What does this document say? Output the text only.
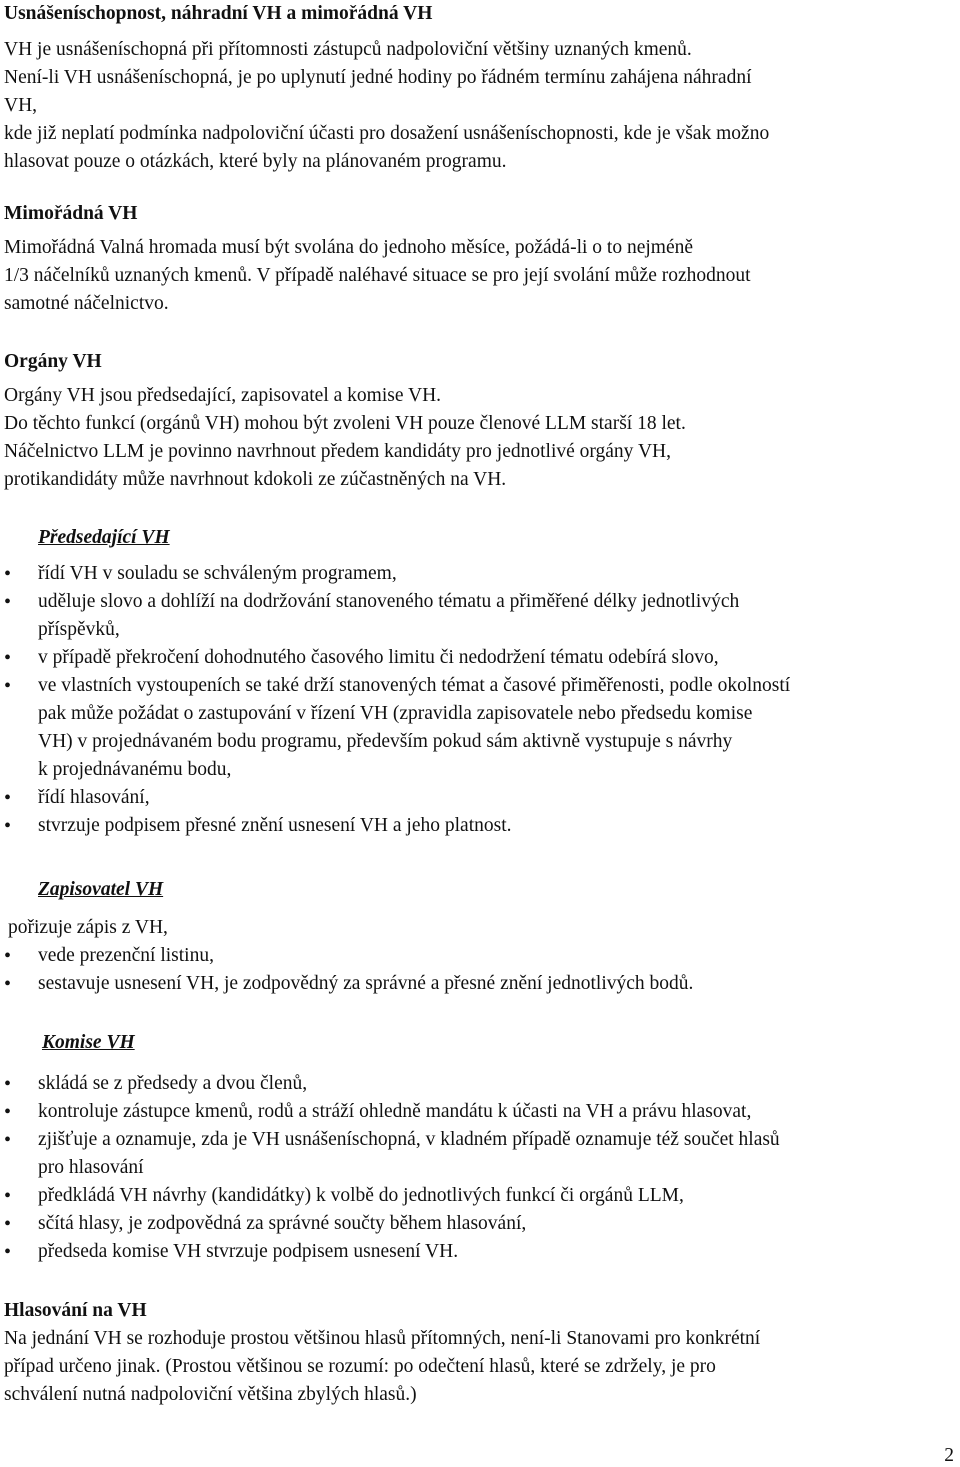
Usnášeníschopnost, náhradní VH a mimořádná VH

VH je usnášeníschopná při přítomnosti zástupců nadpoloviční většiny uznaných kmenů.
Není-li VH usnášeníschopná, je po uplynutí jedné hodiny po řádném termínu zahájena náhradní
VH,
kde již neplatí podmínka nadpoloviční účasti pro dosažení usnášeníschopnosti, kde je však možno
hlasovat pouze o otázkách, které byly na plánovaném programu.

Mimořádná VH

Mimořádná Valná hromada musí být svolána do jednoho měsíce, požádá-li o to nejméně
1/3 náčelníků uznaných kmenů. V případě naléhavé situace se pro její svolání může rozhodnout
samotné náčelnictvo.

Orgány VH

Orgány VH jsou předsedající, zapisovatel a komise VH.
Do těchto funkcí (orgánů VH) mohou být zvoleni VH pouze členové LLM starší 18 let.
Náčelnictvo LLM je povinno navrhnout předem kandidáty pro jednotlivé orgány VH,
protikandidáty může navrhnout kdokoli ze zúčastněných na VH.

Předsedající VH
• řídí VH v souladu se schváleným programem,
• uděluje slovo a dohlíží na dodržování stanoveného tématu a přiměřené délky jednotlivých
příspěvků,
• v případě překročení dohodnutého časového limitu či nedodržení tématu odebírá slovo,
• ve vlastních vystoupeních se také drží stanovených témat a časové přiměřenosti, podle okolností
pak může požádat o zastupování v řízení VH (zpravidla zapisovatele nebo předsedu komise
VH) v projednávaném bodu programu, především pokud sám aktivně vystupuje s návrhy
k projednávanému bodu,
• řídí hlasování,
• stvrzuje podpisem přesné znění usnesení VH a jeho platnost.
Zapisovatel VH

pořizuje zápis z VH,

• vede prezenční listinu,
• sestavuje usnesení VH, je zodpovědný za správné a přesné znění jednotlivých bodů.
Komise VH
• skládá se z předsedy a dvou členů,
• kontroluje zástupce kmenů, rodů a stráží ohledně mandátu k účasti na VH a právu hlasovat,
• zjišťuje a oznamuje, zda je VH usnášeníschopná, v kladném případě oznamuje též součet hlasů
pro hlasování
• předkládá VH návrhy (kandidátky) k volbě do jednotlivých funkcí či orgánů LLM,
• sčítá hlasy, je zodpovědná za správné součty během hlasování,
• předseda komise VH stvrzuje podpisem usnesení VH.
Hlasování na VH

Na jednání VH se rozhoduje prostou většinou hlasů přítomných, není-li Stanovami pro konkrétní
případ určeno jinak. (Prostou většinou se rozumí: po odečtení hlasů, které se zdržely, je pro
schválení nutná nadpoloviční většina zbylých hlasů.)

2
